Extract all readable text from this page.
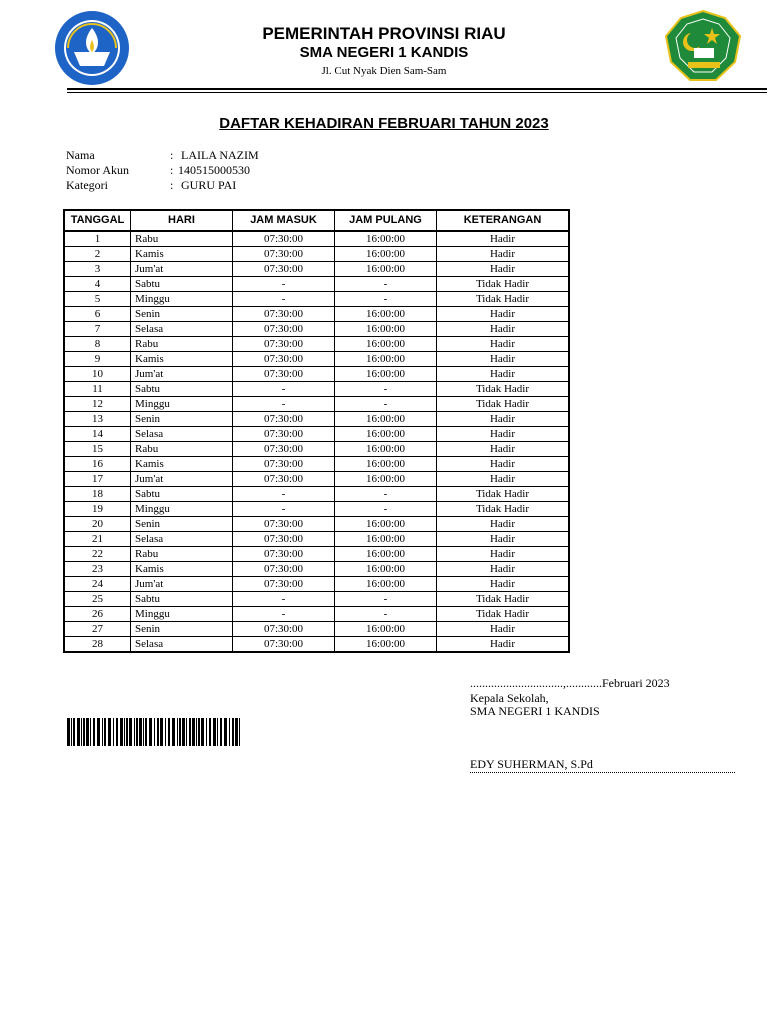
PEMERINTAH PROVINSI RIAU
SMA NEGERI 1 KANDIS
Jl. Cut Nyak Dien Sam-Sam
DAFTAR KEHADIRAN FEBRUARI TAHUN 2023
Nama	: LAILA NAZIM
Nomor Akun	: 140515000530
Kategori	: GURU PAI
TANGGAL	HARI	JAM MASUK	JAM PULANG	KETERANGAN
1	Rabu	07:30:00	16:00:00	Hadir
2	Kamis	07:30:00	16:00:00	Hadir
3	Jum'at	07:30:00	16:00:00	Hadir
4	Sabtu	-	-	Tidak Hadir
5	Minggu	-	-	Tidak Hadir
6	Senin	07:30:00	16:00:00	Hadir
7	Selasa	07:30:00	16:00:00	Hadir
8	Rabu	07:30:00	16:00:00	Hadir
9	Kamis	07:30:00	16:00:00	Hadir
10	Jum'at	07:30:00	16:00:00	Hadir
11	Sabtu	-	-	Tidak Hadir
12	Minggu	-	-	Tidak Hadir
13	Senin	07:30:00	16:00:00	Hadir
14	Selasa	07:30:00	16:00:00	Hadir
15	Rabu	07:30:00	16:00:00	Hadir
16	Kamis	07:30:00	16:00:00	Hadir
17	Jum'at	07:30:00	16:00:00	Hadir
18	Sabtu	-	-	Tidak Hadir
19	Minggu	-	-	Tidak Hadir
20	Senin	07:30:00	16:00:00	Hadir
21	Selasa	07:30:00	16:00:00	Hadir
22	Rabu	07:30:00	16:00:00	Hadir
23	Kamis	07:30:00	16:00:00	Hadir
24	Jum'at	07:30:00	16:00:00	Hadir
25	Sabtu	-	-	Tidak Hadir
26	Minggu	-	-	Tidak Hadir
27	Senin	07:30:00	16:00:00	Hadir
28	Selasa	07:30:00	16:00:00	Hadir
...............................,............Februari 2023
Kepala Sekolah,
SMA NEGERI 1 KANDIS
EDY SUHERMAN, S.Pd
